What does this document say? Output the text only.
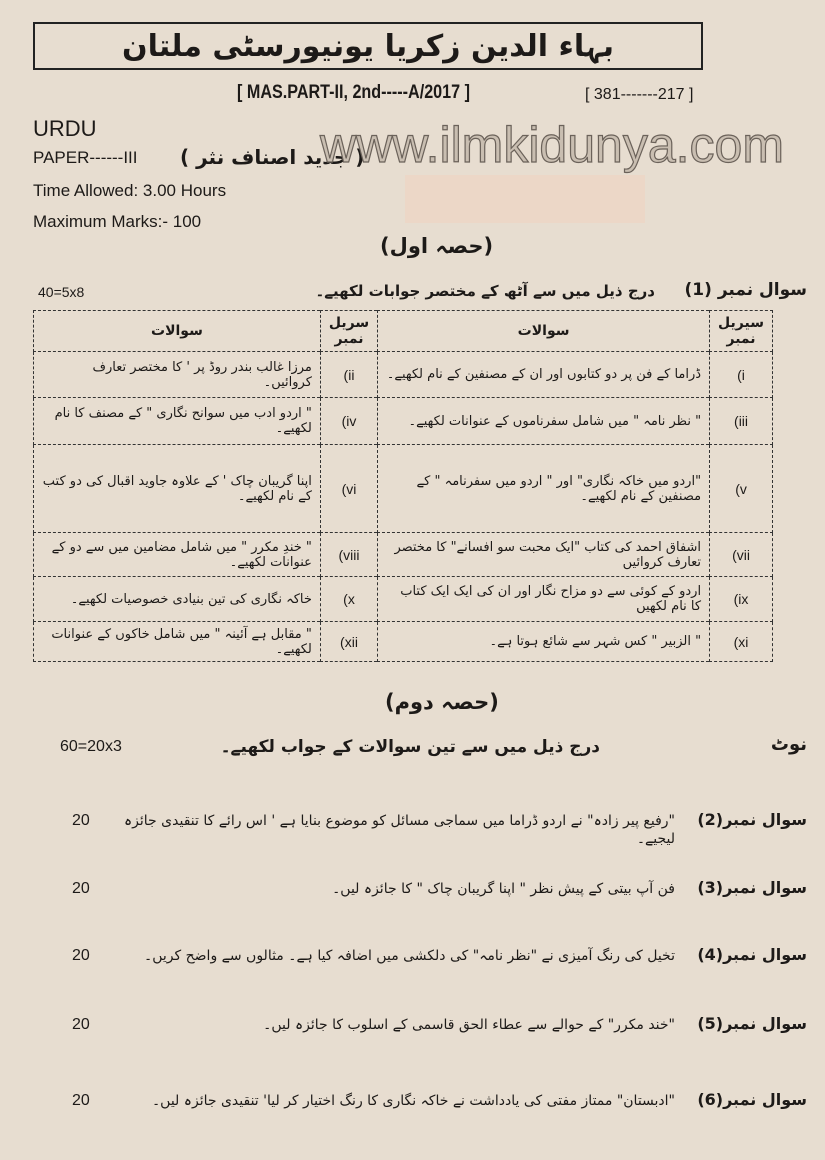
بہاء الدین زکریا یونیورسٹی ملتان
[ MAS.PART-II, 2nd-----A/2017 ]	[ 381-------217 ]
URDU
PAPER------III ( جدید اصناف نثر )
Time Allowed: 3.00 Hours
Maximum Marks:- 100
www.ilmkidunya.com
(حصہ اول)
سوال نمبر (1)
درج ذیل میں سے آٹھ کے مختصر جوابات لکھیے۔
40=5x8
سیریل نمبر	سوالات	سریل نمبر	سوالات
(i	ڈراما کے فن پر دو کتابوں اور ان کے مصنفین کے نام لکھیے۔	(ii	مرزا غالب بندر روڈ پر ' کا مختصر تعارف کروائیں۔
(iii	" نظر نامہ " میں شامل سفرناموں کے عنوانات لکھیے۔	(iv	" اردو ادب میں سوانح نگاری " کے مصنف کا نام لکھیے۔
(v	"اردو میں خاکہ نگاری" اور " اردو میں سفرنامہ " کے مصنفین کے نام لکھیے۔	(vi	اپنا گریبان چاک ' کے علاوہ جاوید اقبال کی دو کتب کے نام لکھیے۔
(vii	اشفاق احمد کی کتاب "ایک محبت سو افسانے" کا مختصر تعارف کروائیں	(viii	" خندِ مکرر " میں شامل مضامین میں سے دو کے عنوانات لکھیے۔
(ix	اردو کے کوئی سے دو مزاح نگار اور ان کی ایک ایک کتاب کا نام لکھیں	(x	خاکہ نگاری کی تین بنیادی خصوصیات لکھیے۔
(xi	" الزبیر " کس شہر سے شائع ہوتا ہے۔	(xii	" مقابل ہے آئینہ " میں شامل خاکوں کے عنوانات لکھیے۔
(حصہ دوم)
نوٹ
درج ذیل میں سے تین سوالات کے جواب لکھیے۔
60=20x3
سوال نمبر(2)
"رفیع پیر زادہ" نے اردو ڈراما میں سماجی مسائل کو موضوع بنایا ہے ' اس رائے کا تنقیدی جائزہ لیجیے۔
20
سوال نمبر(3)
فن آپ بیتی کے پیش نظر " اپنا گریبان چاک " کا جائزہ لیں۔
20
سوال نمبر(4)
تخیل کی رنگ آمیزی نے "نظر نامہ" کی دلکشی میں اضافہ کیا ہے۔ مثالوں سے واضح کریں۔
20
سوال نمبر(5)
"خند مکرر" کے حوالے سے عطاء الحق قاسمی کے اسلوب کا جائزہ لیں۔
20
سوال نمبر(6)
"ادبستان" ممتاز مفتی کی یادداشت نے خاکہ نگاری کا رنگ اختیار کر لیا' تنقیدی جائزہ لیں۔
20
